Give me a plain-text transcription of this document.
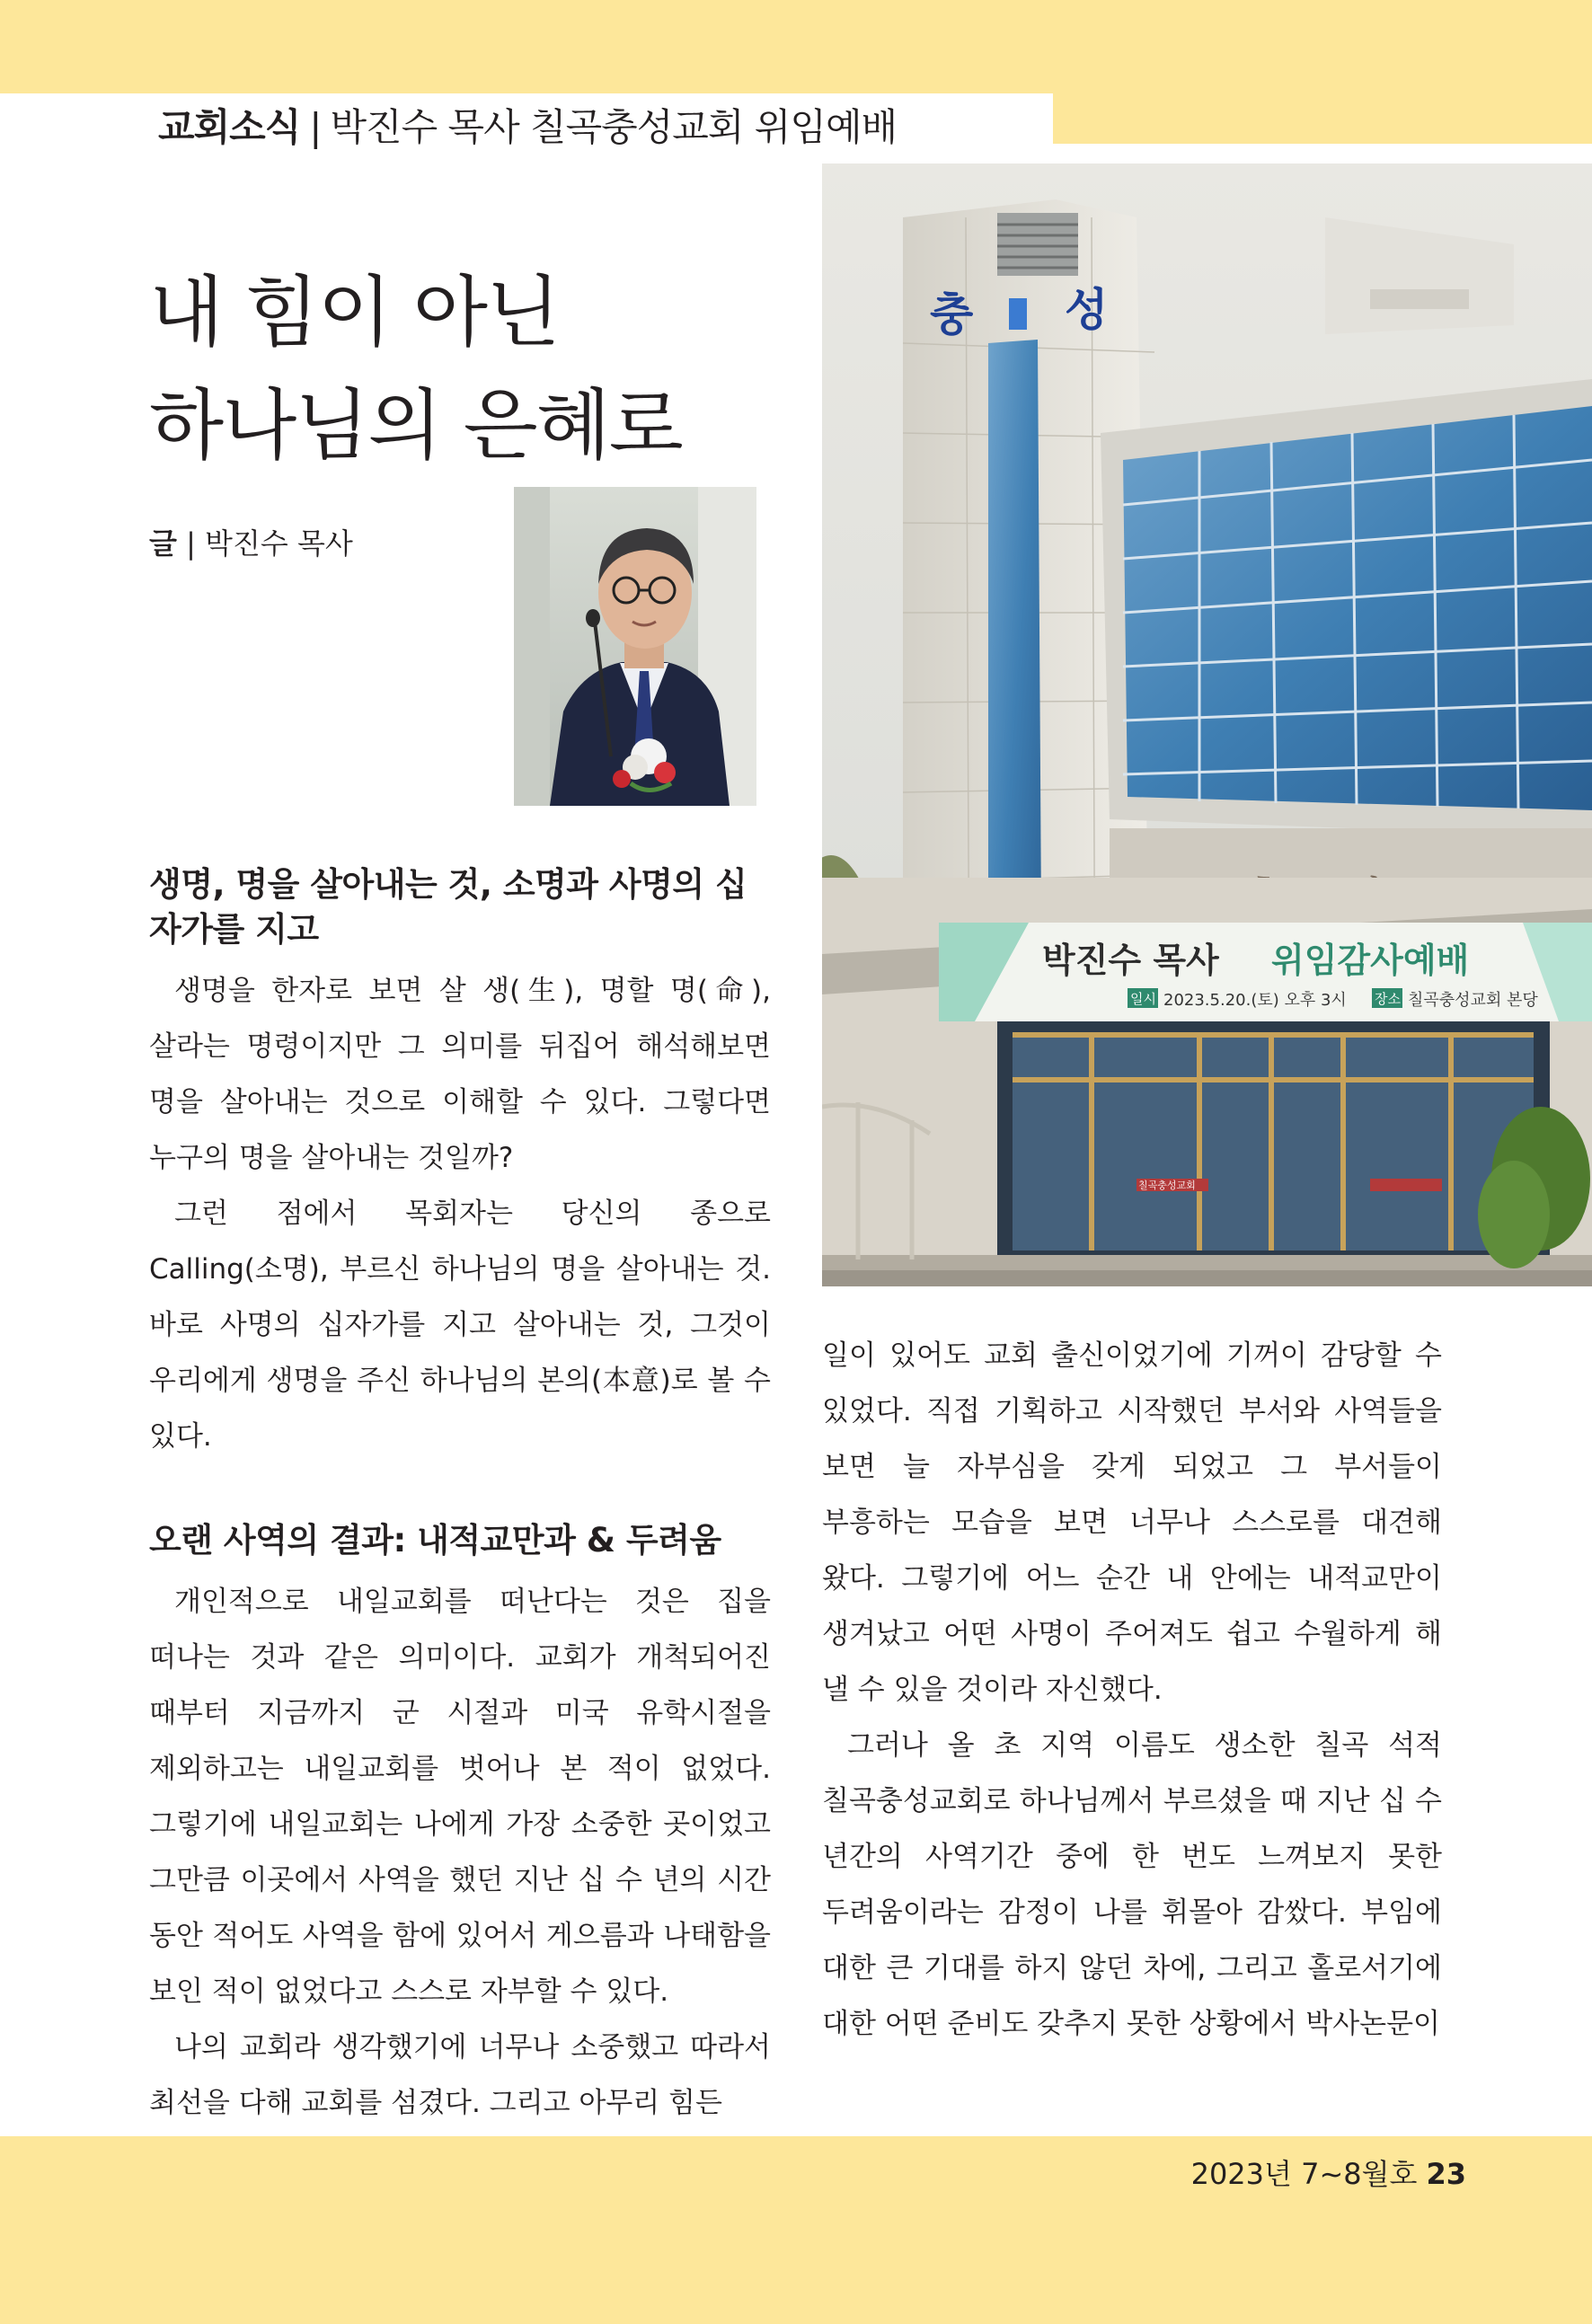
교회소식 | 박진수 목사 칠곡충성교회 위임예배
내 힘이 아닌
하나님의 은혜로
글 | 박진수 목사
충 성
박진수 목사 위임감사예배
일시 2023.5.20.(토) 오후 3시 장소 칠곡충성교회 본당
칠곡충성교회
생명, 명을 살아내는 것, 소명과 사명의 십자가를 지고

생명을 한자로 보면 살 생(生), 명할 명(命), 살라는 명령이지만 그 의미를 뒤집어 해석해보면 명을 살아내는 것으로 이해할 수 있다. 그렇다면 누구의 명을 살아내는 것일까?

그런 점에서 목회자는 당신의 종으로 Calling(소명), 부르신 하나님의 명을 살아내는 것. 바로 사명의 십자가를 지고 살아내는 것, 그것이 우리에게 생명을 주신 하나님의 본의(本意)로 볼 수 있다.

오랜 사역의 결과: 내적교만과 & 두려움

개인적으로 내일교회를 떠난다는 것은 집을 떠나는 것과 같은 의미이다. 교회가 개척되어진 때부터 지금까지 군 시절과 미국 유학시절을 제외하고는 내일교회를 벗어나 본 적이 없었다. 그렇기에 내일교회는 나에게 가장 소중한 곳이었고 그만큼 이곳에서 사역을 했던 지난 십 수 년의 시간 동안 적어도 사역을 함에 있어서 게으름과 나태함을 보인 적이 없었다고 스스로 자부할 수 있다.

나의 교회라 생각했기에 너무나 소중했고 따라서 최선을 다해 교회를 섬겼다. 그리고 아무리 힘든

일이 있어도 교회 출신이었기에 기꺼이 감당할 수 있었다. 직접 기획하고 시작했던 부서와 사역들을 보면 늘 자부심을 갖게 되었고 그 부서들이 부흥하는 모습을 보면 너무나 스스로를 대견해 왔다. 그렇기에 어느 순간 내 안에는 내적교만이 생겨났고 어떤 사명이 주어져도 쉽고 수월하게 해 낼 수 있을 것이라 자신했다.

그러나 올 초 지역 이름도 생소한 칠곡 석적 칠곡충성교회로 하나님께서 부르셨을 때 지난 십 수 년간의 사역기간 중에 한 번도 느껴보지 못한 두려움이라는 감정이 나를 휘몰아 감쌌다. 부임에 대한 큰 기대를 하지 않던 차에, 그리고 홀로서기에 대한 어떤 준비도 갖추지 못한 상황에서 박사논문이

2023년 7~8월호 23
